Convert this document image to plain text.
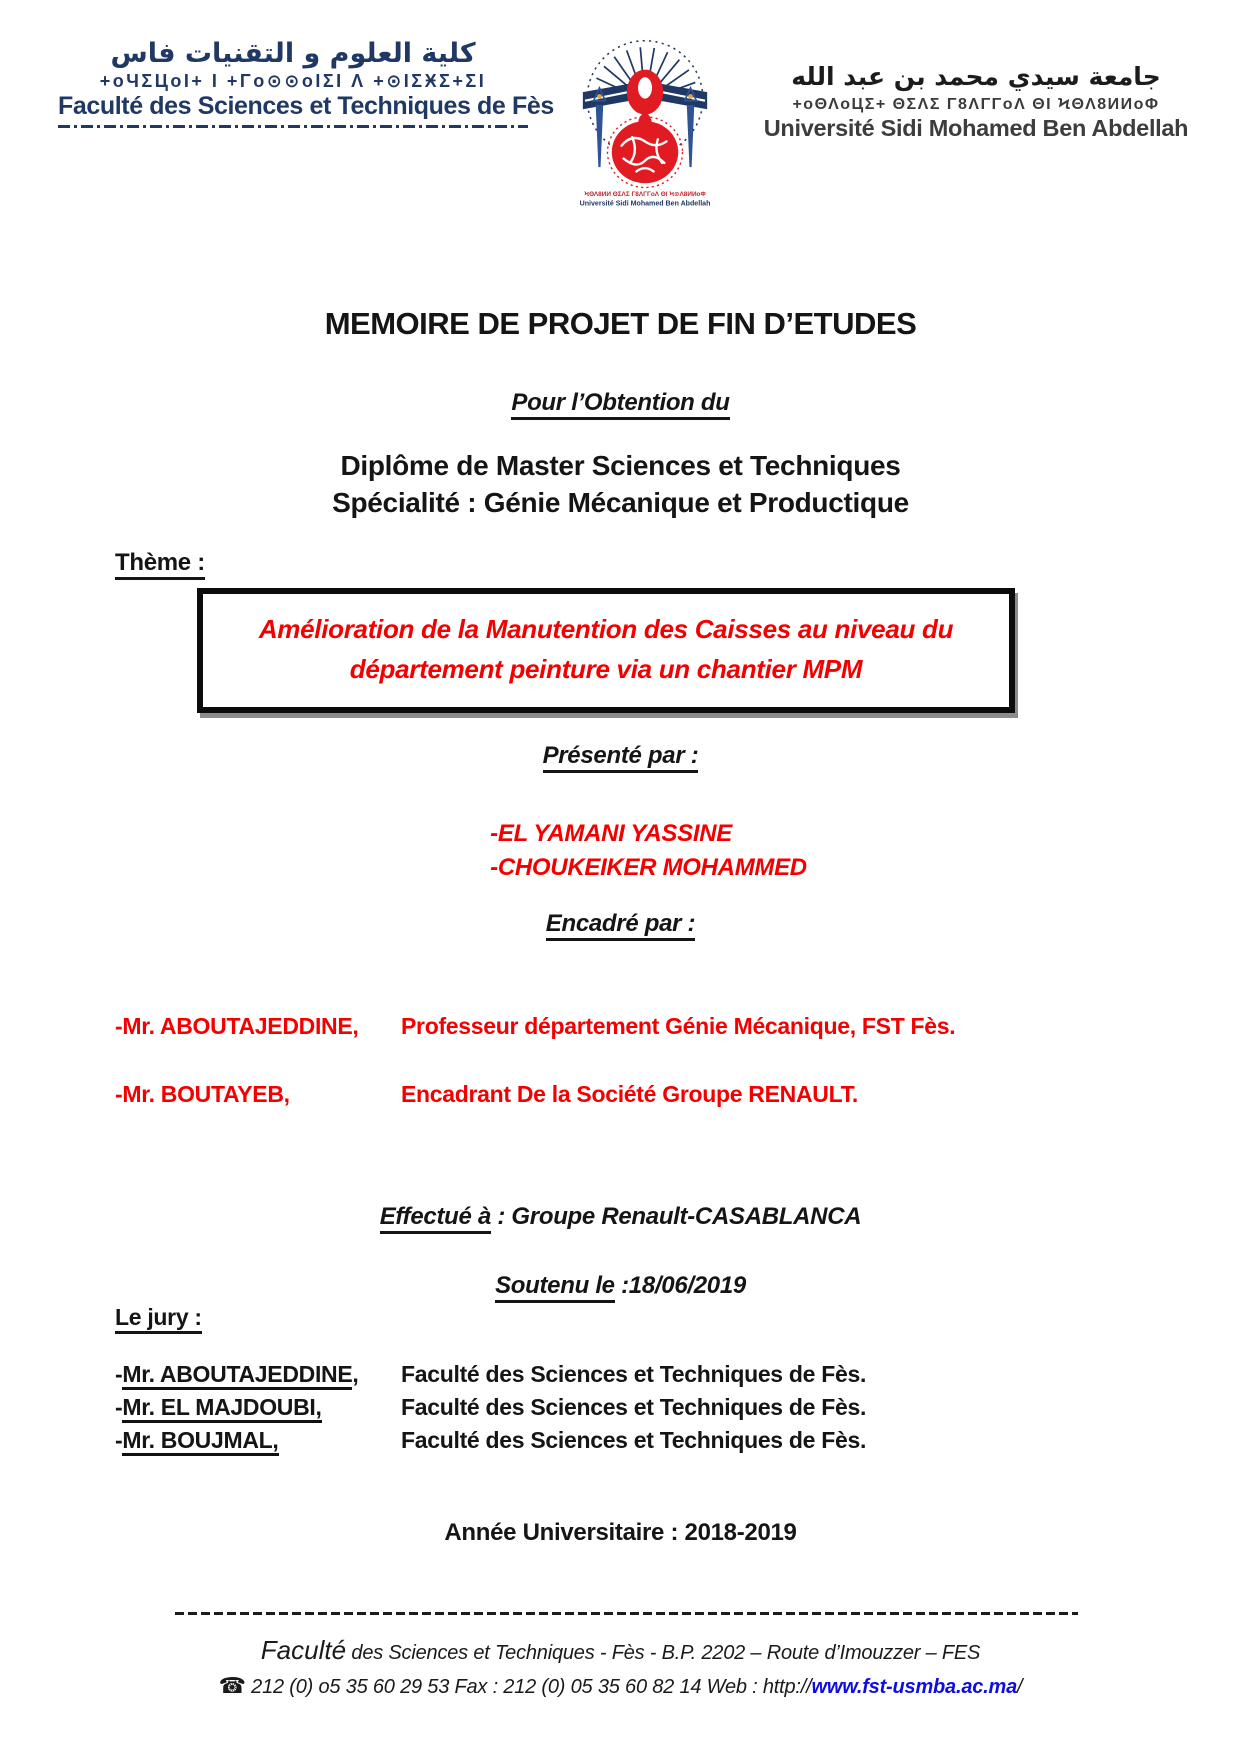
كلية العلوم و التقنيات فاس
+oЧΣЦoI+ I +Γo⊙⊙oIΣI Λ +⊙IΣӾΣ+ΣI
Faculté des Sciences et Techniques de Fès
ϞΘΛ8ИИ ΘΣΛΣ Γ8ΛΓΓoΛ ΘI Ϟ⊙Λ8ИИoΦ
Université Sidi Mohamed Ben Abdellah
جامعة سيدي محمد بن عبد الله
+oΘΛoЦΣ+ ΘΣΛΣ Γ8ΛΓΓoΛ ΘI ϞΘΛ8ИИoΦ
Université Sidi Mohamed Ben Abdellah
MEMOIRE DE PROJET DE FIN D’ETUDES
Pour l’Obtention du
Diplôme de Master Sciences et Techniques
Spécialité : Génie Mécanique et Productique
Thème :
Amélioration de la Manutention des Caisses au niveau du département peinture via un chantier MPM
Présenté par :
-EL YAMANI YASSINE
-CHOUKEIKER MOHAMMED
Encadré par :

-Mr. ABOUTAJEDDINE, Professeur département Génie Mécanique, FST Fès.

-Mr. BOUTAYEB,	Encadrant De la Société Groupe RENAULT.

Effectué à : Groupe Renault-CASABLANCA
Soutenu le :18/06/2019
Le jury :
-Mr. ABOUTAJEDDINE, Faculté des Sciences et Techniques de Fès.
-Mr. EL MAJDOUBI,	Faculté des Sciences et Techniques de Fès.
-Mr. BOUJMAL,	Faculté des Sciences et Techniques de Fès.
Année Universitaire : 2018-2019
Faculté des Sciences et Techniques - Fès - B.P. 2202 – Route d’Imouzzer – FES
☎ 212 (0) o5 35 60 29 53 Fax : 212 (0) 05 35 60 82 14 Web : http://www.fst-usmba.ac.ma/
